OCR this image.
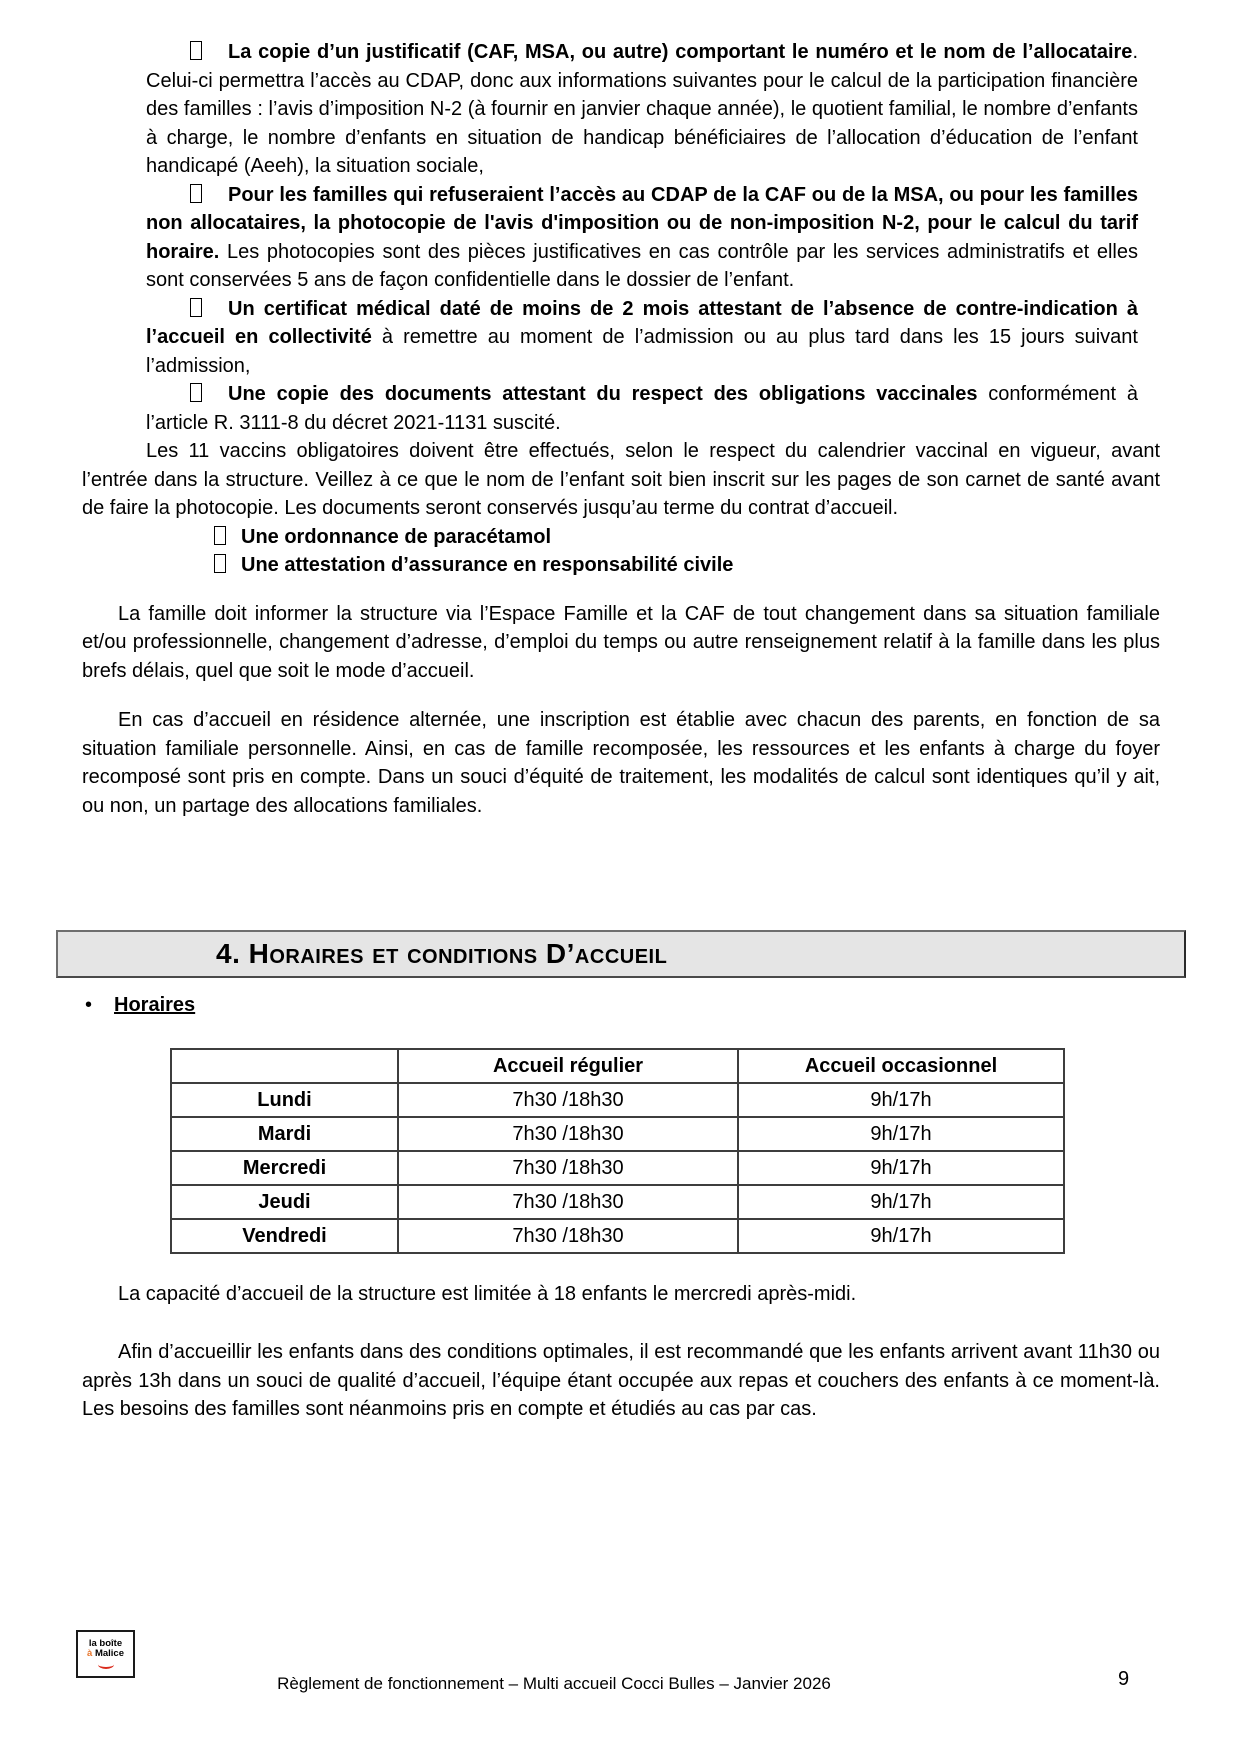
La copie d’un justificatif (CAF, MSA, ou autre) comportant le numéro et le nom de l’allocataire. Celui-ci permettra l’accès au CDAP, donc aux informations suivantes pour le calcul de la participation financière des familles : l’avis d’imposition N-2 (à fournir en janvier chaque année), le quotient familial, le nombre d’enfants à charge, le nombre d’enfants en situation de handicap bénéficiaires de l’allocation d’éducation de l’enfant handicapé (Aeeh), la situation sociale,

Pour les familles qui refuseraient l’accès au CDAP de la CAF ou de la MSA, ou pour les familles non allocataires, la photocopie de l'avis d'imposition ou de non-imposition N-2, pour le calcul du tarif horaire. Les photocopies sont des pièces justificatives en cas contrôle par les services administratifs et elles sont conservées 5 ans de façon confidentielle dans le dossier de l’enfant.

Un certificat médical daté de moins de 2 mois attestant de l’absence de contre-indication à l’accueil en collectivité à remettre au moment de l’admission ou au plus tard dans les 15 jours suivant l’admission,

Une copie des documents attestant du respect des obligations vaccinales conformément à l’article R. 3111-8 du décret 2021-1131 suscité.

Les 11 vaccins obligatoires doivent être effectués, selon le respect du calendrier vaccinal en vigueur, avant l’entrée dans la structure. Veillez à ce que le nom de l’enfant soit bien inscrit sur les pages de son carnet de santé avant de faire la photocopie. Les documents seront conservés jusqu’au terme du contrat d’accueil.

Une ordonnance de paracétamol

Une attestation d’assurance en responsabilité civile

La famille doit informer la structure via l’Espace Famille et la CAF de tout changement dans sa situation familiale et/ou professionnelle, changement d’adresse, d’emploi du temps ou autre renseignement relatif à la famille dans les plus brefs délais, quel que soit le mode d’accueil.

En cas d’accueil en résidence alternée, une inscription est établie avec chacun des parents, en fonction de sa situation familiale personnelle. Ainsi, en cas de famille recomposée, les ressources et les enfants à charge du foyer recomposé sont pris en compte. Dans un souci d’équité de traitement, les modalités de calcul sont identiques qu’il y ait, ou non, un partage des allocations familiales.

4. Horaires et conditions D’accueil
• Horaires
	Accueil régulier	Accueil occasionnel
Lundi	7h30 /18h30	9h/17h
Mardi	7h30 /18h30	9h/17h
Mercredi	7h30 /18h30	9h/17h
Jeudi	7h30 /18h30	9h/17h
Vendredi	7h30 /18h30	9h/17h

La capacité d’accueil de la structure est limitée à 18 enfants le mercredi après-midi.

Afin d’accueillir les enfants dans des conditions optimales, il est recommandé que les enfants arrivent avant 11h30 ou après 13h dans un souci de qualité d’accueil, l’équipe étant occupée aux repas et couchers des enfants à ce moment-là. Les besoins des familles sont néanmoins pris en compte et étudiés au cas par cas.

la boîte
à Malice
Règlement de fonctionnement – Multi accueil Cocci Bulles – Janvier 2026	9
